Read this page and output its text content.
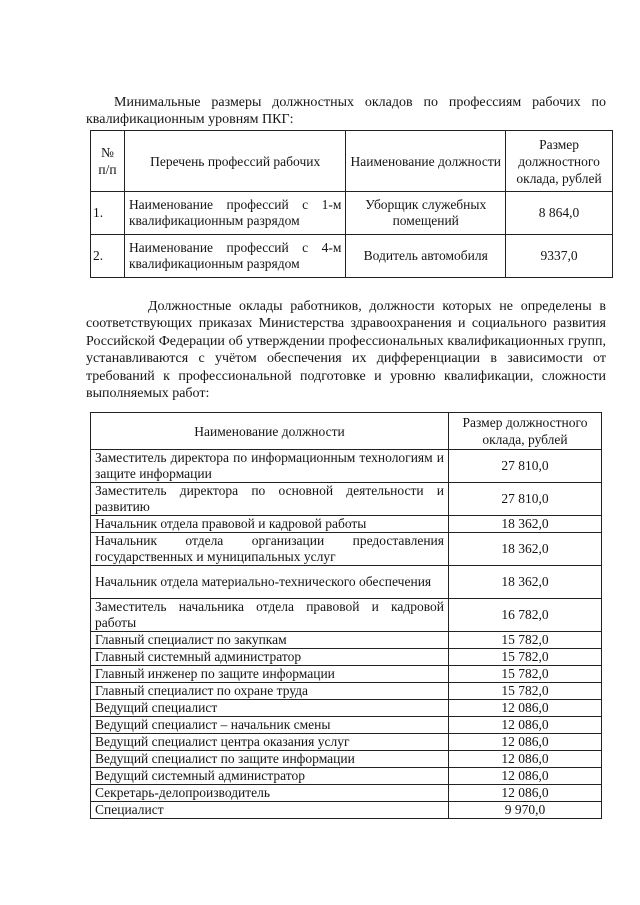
Минимальные размеры должностных окладов по профессиям рабочих по квалификационным уровням ПКГ:

№ п/п	Перечень профессий рабочих	Наименование должности	Размер должностного оклада, рублей
1.	Наименование профессий с 1-м квалификационным разрядом	Уборщик служебных помещений	8 864,0
2.	Наименование профессий с 4-м квалификационным разрядом	Водитель автомобиля	9337,0

Должностные оклады работников, должности которых не определены в соответствующих приказах Министерства здравоохранения и социального развития Российской Федерации об утверждении профессиональных квалификационных групп, устанавливаются с учётом обеспечения их дифференциации в зависимости от требований к профессиональной подготовке и уровню квалификации, сложности выполняемых работ:

Наименование должности	Размер должностного оклада, рублей
Заместитель директора по информационным технологиям и защите информации	27 810,0
Заместитель директора по основной деятельности и развитию	27 810,0
Начальник отдела правовой и кадровой работы	18 362,0
Начальник отдела организации предоставления государственных и муниципальных услуг	18 362,0
Начальник отдела материально-технического обеспечения	18 362,0
Заместитель начальника отдела правовой и кадровой работы	16 782,0
Главный специалист по закупкам	15 782,0
Главный системный администратор	15 782,0
Главный инженер по защите информации	15 782,0
Главный специалист по охране труда	15 782,0
Ведущий специалист	12 086,0
Ведущий специалист – начальник смены	12 086,0
Ведущий специалист центра оказания услуг	12 086,0
Ведущий специалист по защите информации	12 086,0
Ведущий системный администратор	12 086,0
Секретарь-делопроизводитель	12 086,0
Специалист	9 970,0
